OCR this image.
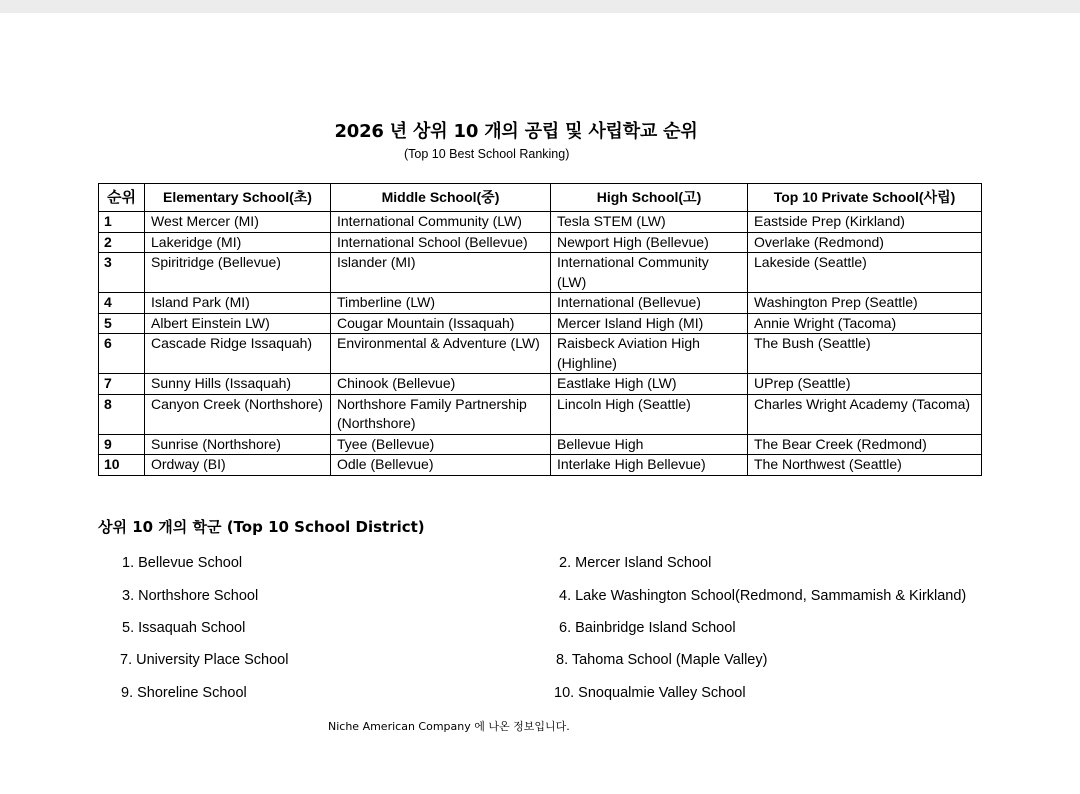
2026 년 상위 10 개의 공립 및 사립학교 순위
(Top 10 Best School Ranking)
순위	Elementary School(초)	Middle School(중)	High School(고)	Top 10 Private School(사립)
1	West Mercer (MI)	International Community (LW)	Tesla STEM (LW)	Eastside Prep (Kirkland)
2	Lakeridge (MI)	International School (Bellevue)	Newport High (Bellevue)	Overlake (Redmond)
3	Spiritridge (Bellevue)	Islander (MI)	International Community (LW)	Lakeside (Seattle)
4	Island Park (MI)	Timberline (LW)	International (Bellevue)	Washington Prep (Seattle)
5	Albert Einstein LW)	Cougar Mountain (Issaquah)	Mercer Island High (MI)	Annie Wright (Tacoma)
6	Cascade Ridge Issaquah)	Environmental & Adventure (LW)	Raisbeck Aviation High (Highline)	The Bush (Seattle)
7	Sunny Hills (Issaquah)	Chinook (Bellevue)	Eastlake High (LW)	UPrep (Seattle)
8	Canyon Creek (Northshore)	Northshore Family Partnership (Northshore)	Lincoln High (Seattle)	Charles Wright Academy (Tacoma)
9	Sunrise (Northshore)	Tyee (Bellevue)	Bellevue High	The Bear Creek (Redmond)
10	Ordway (BI)	Odle (Bellevue)	Interlake High Bellevue)	The Northwest (Seattle)
상위 10 개의 학군 (Top 10 School District)
1. Bellevue School	2. Mercer Island School
3. Northshore School	4. Lake Washington School(Redmond, Sammamish & Kirkland)
5. Issaquah School	6. Bainbridge Island School
7. University Place School	8. Tahoma School (Maple Valley)
9. Shoreline School	10. Snoqualmie Valley School
Niche American Company 에 나온 정보입니다.
